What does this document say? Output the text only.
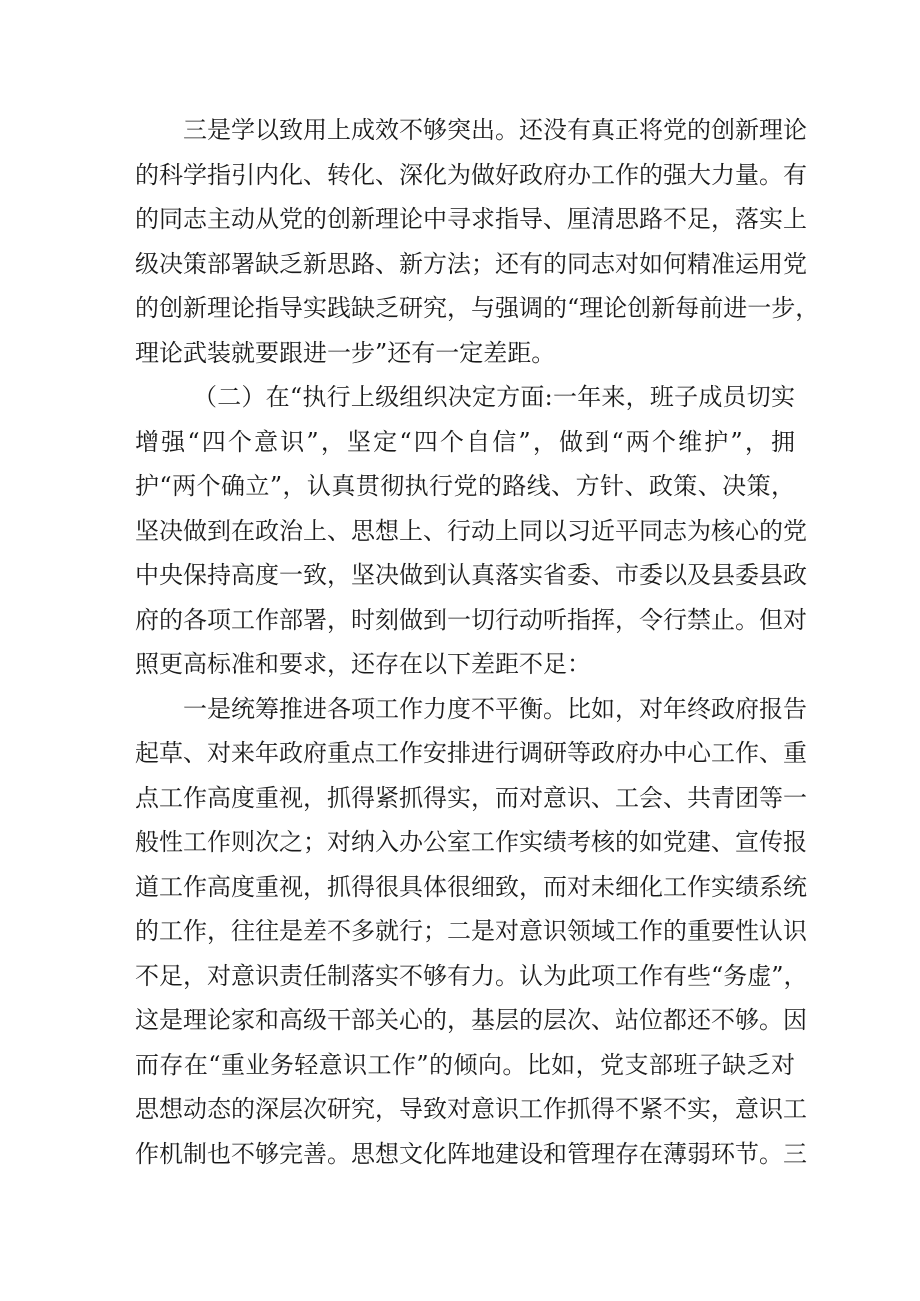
三是学以致用上成效不够突出。还没有真正将党的创新理论
的科学指引内化、转化、深化为做好政府办工作的强大力量。有
的同志主动从党的创新理论中寻求指导、厘清思路不足，落实上
级决策部署缺乏新思路、新方法；还有的同志对如何精准运用党
的创新理论指导实践缺乏研究，与强调的“理论创新每前进一步，
理论武装就要跟进一步”还有一定差距。
（二）在“执行上级组织决定方面:一年来，班子成员切实
增强“四个意识”，坚定“四个自信”，做到“两个维护”，拥
护“两个确立”，认真贯彻执行党的路线、方针、政策、决策，
坚决做到在政治上、思想上、行动上同以习近平同志为核心的党
中央保持高度一致，坚决做到认真落实省委、市委以及县委县政
府的各项工作部署，时刻做到一切行动听指挥，令行禁止。但对
照更高标准和要求，还存在以下差距不足：
一是统筹推进各项工作力度不平衡。比如，对年终政府报告
起草、对来年政府重点工作安排进行调研等政府办中心工作、重
点工作高度重视，抓得紧抓得实，而对意识、工会、共青团等一
般性工作则次之；对纳入办公室工作实绩考核的如党建、宣传报
道工作高度重视，抓得很具体很细致，而对未细化工作实绩系统
的工作，往往是差不多就行；二是对意识领域工作的重要性认识
不足，对意识责任制落实不够有力。认为此项工作有些“务虚”，
这是理论家和高级干部关心的，基层的层次、站位都还不够。因
而存在“重业务轻意识工作”的倾向。比如，党支部班子缺乏对
思想动态的深层次研究，导致对意识工作抓得不紧不实，意识工
作机制也不够完善。思想文化阵地建设和管理存在薄弱环节。三
